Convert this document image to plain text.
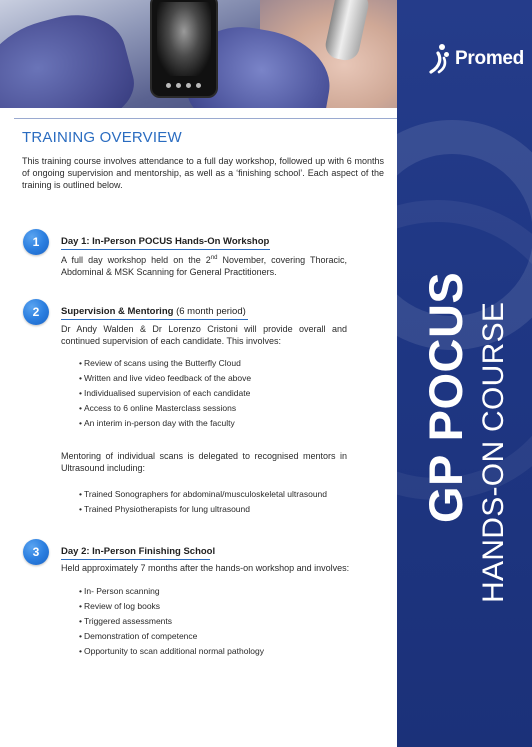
Promed
GP POCUS HANDS-ON COURSE
TRAINING OVERVIEW
This training course involves attendance to a full day workshop, followed up with 6 months of ongoing supervision and mentorship, as well as a ‘finishing school’. Each aspect of the training is outlined below.
1	Day 1: In-Person POCUS Hands-On Workshop
A full day workshop held on the 2nd November, covering Thoracic, Abdominal & MSK Scanning for General Practitioners.
2	Supervision & Mentoring (6 month period)
Dr Andy Walden & Dr Lorenzo Cristoni will provide overall and continued supervision of each candidate. This involves:
• Review of scans using the Butterfly Cloud
• Written and live video feedback of the above
• Individualised supervision of each candidate
• Access to 6 online Masterclass sessions
• An interim in-person day with the faculty
Mentoring of individual scans is delegated to recognised mentors in Ultrasound including:
• Trained Sonographers for abdominal/musculoskeletal ultrasound
• Trained Physiotherapists for lung ultrasound
3	Day 2: In-Person Finishing School
Held approximately 7 months after the hands-on workshop and involves:
• In- Person scanning
• Review of log books
• Triggered assessments
• Demonstration of competence
• Opportunity to scan additional normal pathology
